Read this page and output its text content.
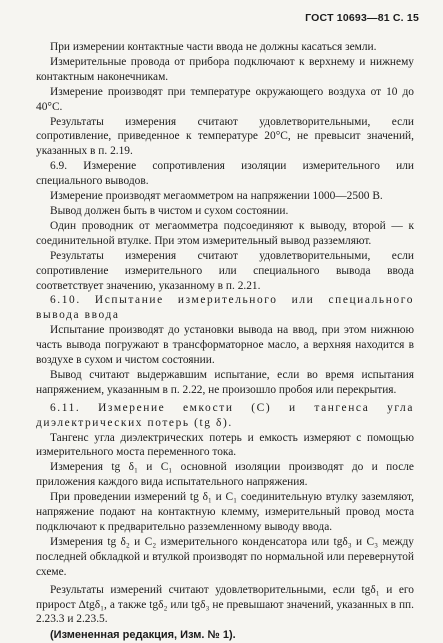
ГОСТ 10693—81 С. 15

При измерении контактные части ввода не должны касаться земли.

Измерительные провода от прибора подключают к верхнему и нижнему контактным наконечникам.

Измерение производят при температуре окружающего воздуха от 10 до 40°С.

Результаты измерения считают удовлетворительными, если сопротивление, приведенное к температуре 20°С, не превысит значений, указанных в п. 2.19.

6.9. Измерение сопротивления изоляции измерительного или специального выводов.

Измерение производят мегаомметром на напряжении 1000—2500 В.

Вывод должен быть в чистом и сухом состоянии.

Один проводник от мегаомметра подсоединяют к выводу, второй — к соединительной втулке. При этом измерительный вывод разземляют.

Результаты измерения считают удовлетворительными, если сопротивление измерительного или специального вывода ввода соответствует значению, указанному в п. 2.21.

6.10. Испытание измерительного или специального вывода ввода

Испытание производят до установки вывода на ввод, при этом нижнюю часть вывода погружают в трансформаторное масло, а верхняя находится в воздухе в сухом и чистом состоянии.

Вывод считают выдержавшим испытание, если во время испытания напряжением, указанным в п. 2.22, не произошло пробоя или перекрытия.

6.11. Измерение емкости (C) и тангенса угла диэлектрических потерь (tg δ).

Тангенс угла диэлектрических потерь и емкость измеряют с помощью измерительного моста переменного тока.

Измерения tg δ₁ и C₁ основной изоляции производят до и после приложения каждого вида испытательного напряжения.

При проведении измерений tg δ₁ и C₁ соединительную втулку заземляют, напряжение подают на контактную клемму, измерительный провод моста подключают к предварительно разземленному выводу ввода.

Измерения tg δ₂ и C₂ измерительного конденсатора или tgδ₃ и C₃ между последней обкладкой и втулкой производят по нормальной или перевернутой схеме.

Результаты измерений считают удовлетворительными, если tgδ₁ и его прирост Δtgδ₁, а также tgδ₂ или tgδ₃ не превышают значений, указанных в пп. 2.23.3 и 2.23.5.

(Измененная редакция, Изм. № 1).
